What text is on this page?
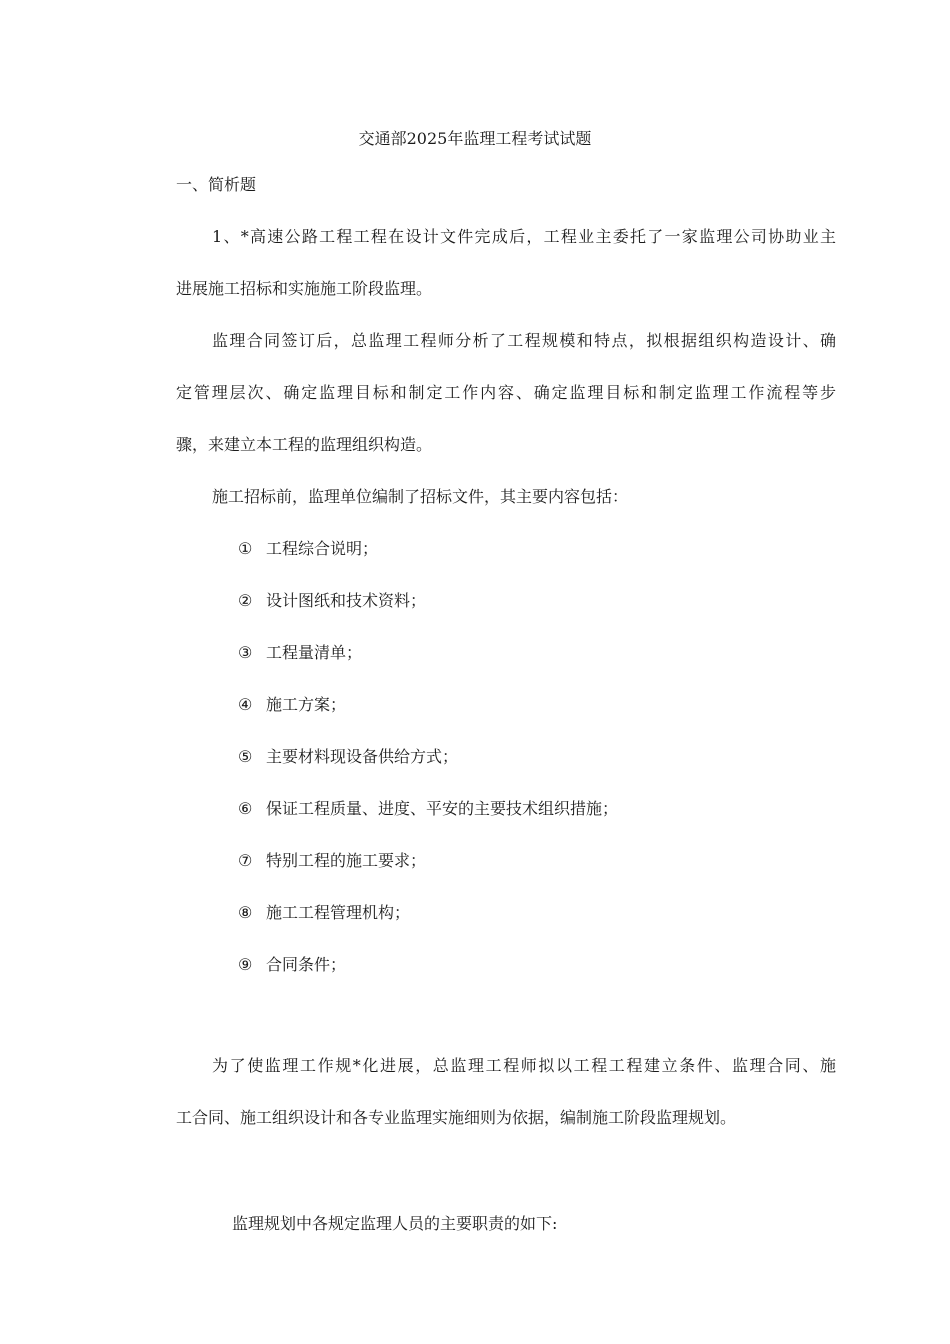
交通部2025年监理工程考试试题
一、简析题
1、*高速公路工程工程在设计文件完成后，工程业主委托了一家监理公司协助业主
进展施工招标和实施施工阶段监理。
监理合同签订后，总监理工程师分析了工程规模和特点，拟根据组织构造设计、确
定管理层次、确定监理目标和制定工作内容、确定监理目标和制定监理工作流程等步
骤，来建立本工程的监理组织构造。
施工招标前，监理单位编制了招标文件，其主要内容包括：
① 工程综合说明；
② 设计图纸和技术资料；
③ 工程量清单；
④ 施工方案；
⑤ 主要材料现设备供给方式；
⑥ 保证工程质量、进度、平安的主要技术组织措施；
⑦ 特别工程的施工要求；
⑧ 施工工程管理机构；
⑨ 合同条件；
为了使监理工作规*化进展，总监理工程师拟以工程工程建立条件、监理合同、施
工合同、施工组织设计和各专业监理实施细则为依据，编制施工阶段监理规划。
监理规划中各规定监理人员的主要职责的如下:
